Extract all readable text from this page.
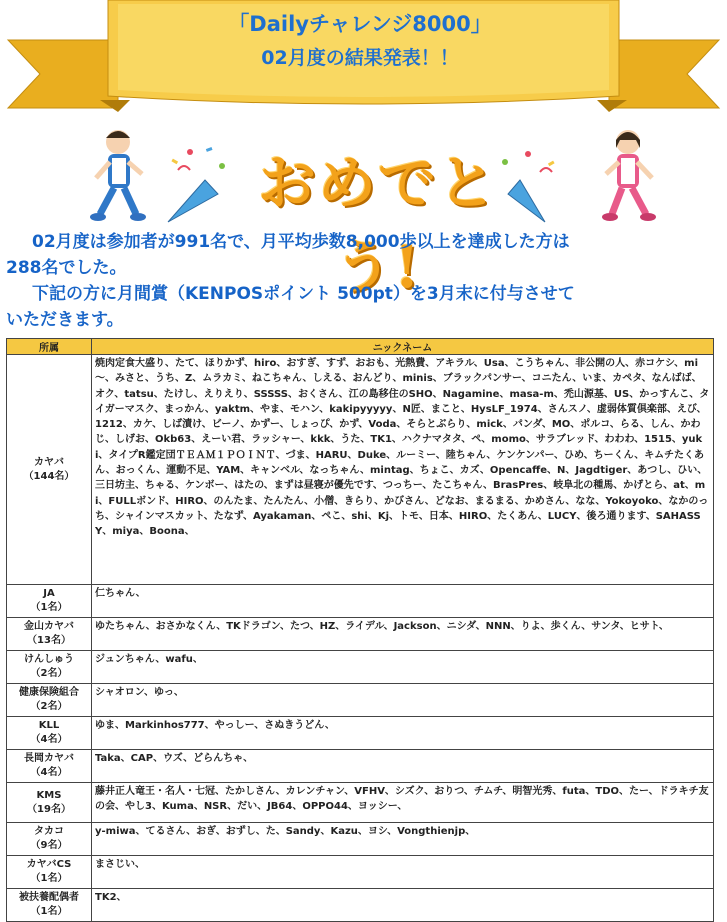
「Dailyチャレンジ8000」
02月度の結果発表！！
おめでとう!

02月度は参加者が991名で、月平均歩数8,000歩以上を達成した方は

288名でした。

下記の方に月間賞（KENPOSポイント 500pt）を3月末に付与させて

いただきます。

所属	ニックネーム

カヤバ
（144名）	焼肉定食大盛り、たて、ほりかず、hiro、おすぎ、すず、おおも、光熱費、アキラル、Usa、こうちゃん、非公開の人、赤コケシ、mi～、みさと、うち、Z、ムラカミ、ねこちゃん、しえる、おんどり、minis、ブラックパンサー、コニたん、いま、カペタ、なんばば、オク、tatsu、たけし、えりえり、SSSSS、おくさん、江の島移住のSHO、Nagamine、masa-m、禿山源基、US、かっすんこ、タイガーマスク、まっかん、yaktm、やま、モハン、kakipyyyyy、N匠、まこと、HysLF_1974、さんスノ、虚弱体質倶楽部、えび、1212、カケ、しば漬け、ビーノ、かずー、しょっぴ、かず、Voda、そらとぶらり、mick、パンダ、MO、ポルコ、らる、しん、かわじ、しげお、Okb63、えーい君、ラッシャー、kkk、うた、TK1、ハクナマタタ、ペ、momo、サラブレッド、わわわ、1515、yuki、タイプR鑑定団ＴＥＡＭ１ＰＯＩＮＴ、づま、HARU、Duke、ルーミー、陸ちゃん、ケンケンパー、ひめ、ちーくん、キムチたくあん、おっくん、運動不足、YAM、キャンベル、なっちゃん、mintag、ちょこ、カズ、Opencaffe、N、Jagdtiger、あつし、ひい、三日坊主、ちゃる、ケンボー、はたの、まずは昼寝が優先です、つっちー、たこちゃん、BrasPres、岐阜北の種馬、かげとら、at、mi、FULLボンド、HIRO、のんたま、たんたん、小僧、きらり、かびさん、どなお、まるまる、かめさん、なな、Yokoyoko、なかのっち、シャインマスカット、たなず、Ayakaman、ペこ、shi、Kj、トモ、日本、HIRO、たくあん、LUCY、後ろ通ります、SAHASSY、miya、Boona、

JA
（1名）	仁ちゃん、

金山カヤバ
（13名）	ゆたちゃん、おさかなくん、TKドラゴン、たつ、HZ、ライデル、Jackson、ニシダ、NNN、りよ、歩くん、サンタ、ヒサト、

けんしゅう
（2名）	ジュンちゃん、wafu、

健康保険組合
（2名）	シャオロン、ゆっ、

KLL
（4名）	ゆま、Markinhos777、やっしー、さぬきうどん、

長岡カヤバ
（4名）	Taka、CAP、ウズ、どらんちゃ、

KMS
（19名）	藤井正人竜王・名人・七冠、たかしさん、カレンチャン、VFHV、シズク、おりつ、チムチ、明智光秀、futa、TDO、たー、ドラキチ友の会、やし3、Kuma、NSR、だい、JB64、OPPO44、ヨッシー、

タカコ
（9名）	y-miwa、てるさん、おぎ、おずし、た、Sandy、Kazu、ヨシ、Vongthienjp、

カヤバCS
（1名）	まさじい、

被扶養配偶者
（1名）	TK2、
